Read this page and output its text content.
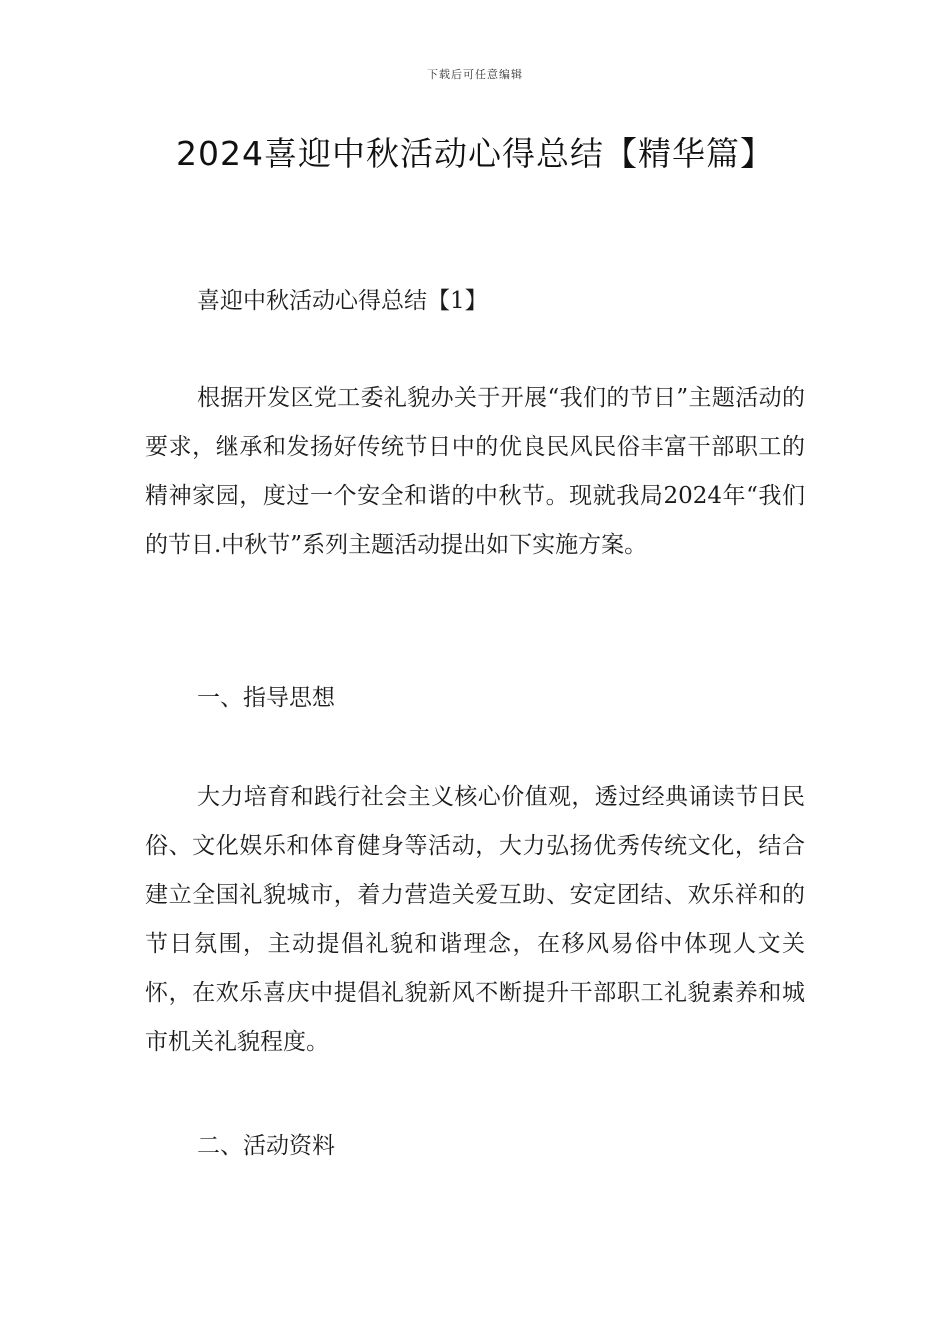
下载后可任意编辑
2024喜迎中秋活动心得总结【精华篇】

喜迎中秋活动心得总结【1】

根据开发区党工委礼貌办关于开展“我们的节日”主题活动的要求，继承和发扬好传统节日中的优良民风民俗丰富干部职工的精神家园，度过一个安全和谐的中秋节。现就我局2024年“我们的节日.中秋节”系列主题活动提出如下实施方案。

一、指导思想

大力培育和践行社会主义核心价值观，透过经典诵读节日民俗、文化娱乐和体育健身等活动，大力弘扬优秀传统文化，结合建立全国礼貌城市，着力营造关爱互助、安定团结、欢乐祥和的节日氛围，主动提倡礼貌和谐理念，在移风易俗中体现人文关怀，在欢乐喜庆中提倡礼貌新风不断提升干部职工礼貌素养和城市机关礼貌程度。

二、活动资料
